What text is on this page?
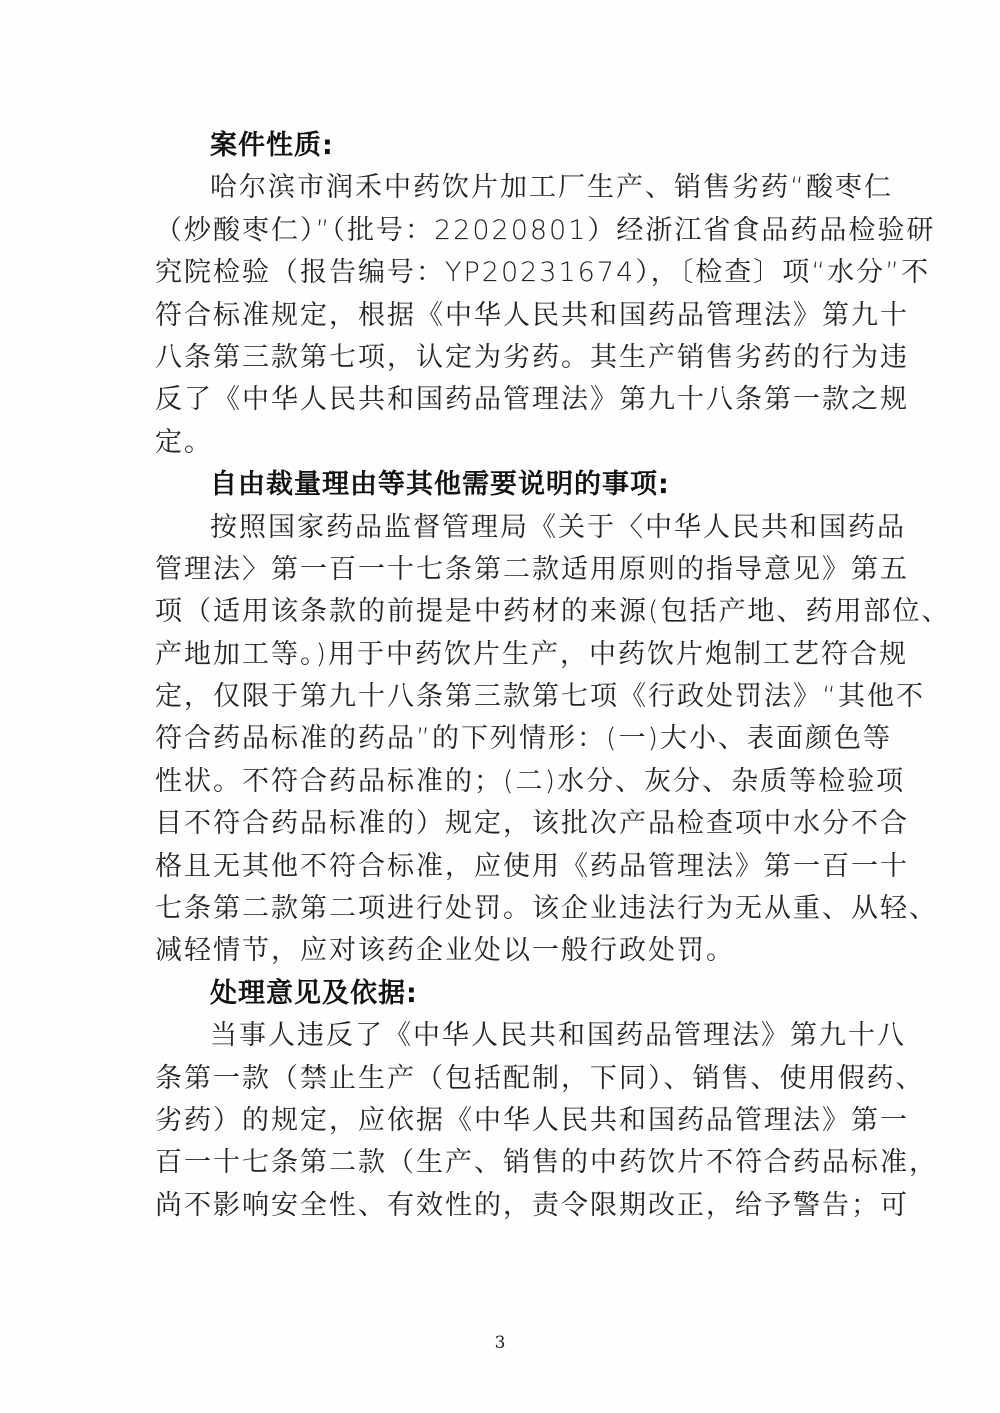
案件性质:
哈尔滨市润禾中药饮片加工厂生产、销售劣药“酸枣仁
（炒酸枣仁）”（批号：22020801）经浙江省食品药品检验研
究院检验（报告编号：YP20231674），〔检查〕项“水分”不
符合标准规定，根据《中华人民共和国药品管理法》第九十
八条第三款第七项，认定为劣药。其生产销售劣药的行为违
反了《中华人民共和国药品管理法》第九十八条第一款之规
定。
自由裁量理由等其他需要说明的事项:
按照国家药品监督管理局《关于〈中华人民共和国药品
管理法〉第一百一十七条第二款适用原则的指导意见》第五
项（适用该条款的前提是中药材的来源(包括产地、药用部位、
产地加工等。)用于中药饮片生产，中药饮片炮制工艺符合规
定，仅限于第九十八条第三款第七项《行政处罚法》“其他不
符合药品标准的药品”的下列情形：(一)大小、表面颜色等
性状。不符合药品标准的；(二)水分、灰分、杂质等检验项
目不符合药品标准的）规定，该批次产品检查项中水分不合
格且无其他不符合标准，应使用《药品管理法》第一百一十
七条第二款第二项进行处罚。该企业违法行为无从重、从轻、
减轻情节，应对该药企业处以一般行政处罚。
处理意见及依据:
当事人违反了《中华人民共和国药品管理法》第九十八
条第一款（禁止生产（包括配制，下同）、销售、使用假药、
劣药）的规定，应依据《中华人民共和国药品管理法》第一
百一十七条第二款（生产、销售的中药饮片不符合药品标准，
尚不影响安全性、有效性的，责令限期改正，给予警告；可
3
